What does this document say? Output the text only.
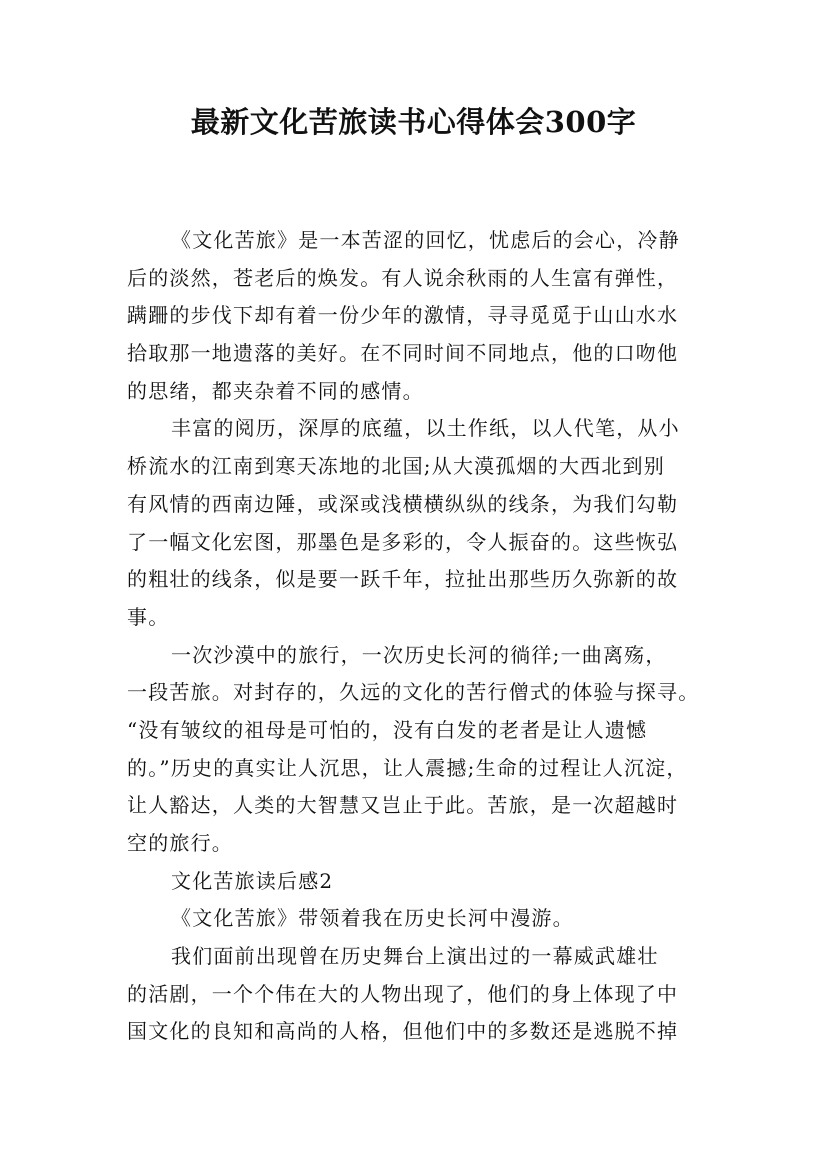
最新文化苦旅读书心得体会300字
《文化苦旅》是一本苦涩的回忆，忧虑后的会心，冷静
后的淡然，苍老后的焕发。有人说余秋雨的人生富有弹性，
蹒跚的步伐下却有着一份少年的激情，寻寻觅觅于山山水水
拾取那一地遗落的美好。在不同时间不同地点，他的口吻他
的思绪，都夹杂着不同的感情。
丰富的阅历，深厚的底蕴，以土作纸，以人代笔，从小
桥流水的江南到寒天冻地的北国;从大漠孤烟的大西北到别
有风情的西南边陲，或深或浅横横纵纵的线条，为我们勾勒
了一幅文化宏图，那墨色是多彩的，令人振奋的。这些恢弘
的粗壮的线条，似是要一跃千年，拉扯出那些历久弥新的故
事。
一次沙漠中的旅行，一次历史长河的徜徉;一曲离殇，
一段苦旅。对封存的，久远的文化的苦行僧式的体验与探寻。
“没有皱纹的祖母是可怕的，没有白发的老者是让人遗憾
的。”历史的真实让人沉思，让人震撼;生命的过程让人沉淀，
让人豁达，人类的大智慧又岂止于此。苦旅，是一次超越时
空的旅行。
文化苦旅读后感2
《文化苦旅》带领着我在历史长河中漫游。
我们面前出现曾在历史舞台上演出过的一幕威武雄壮
的活剧，一个个伟在大的人物出现了，他们的身上体现了中
国文化的良知和高尚的人格，但他们中的多数还是逃脱不掉
